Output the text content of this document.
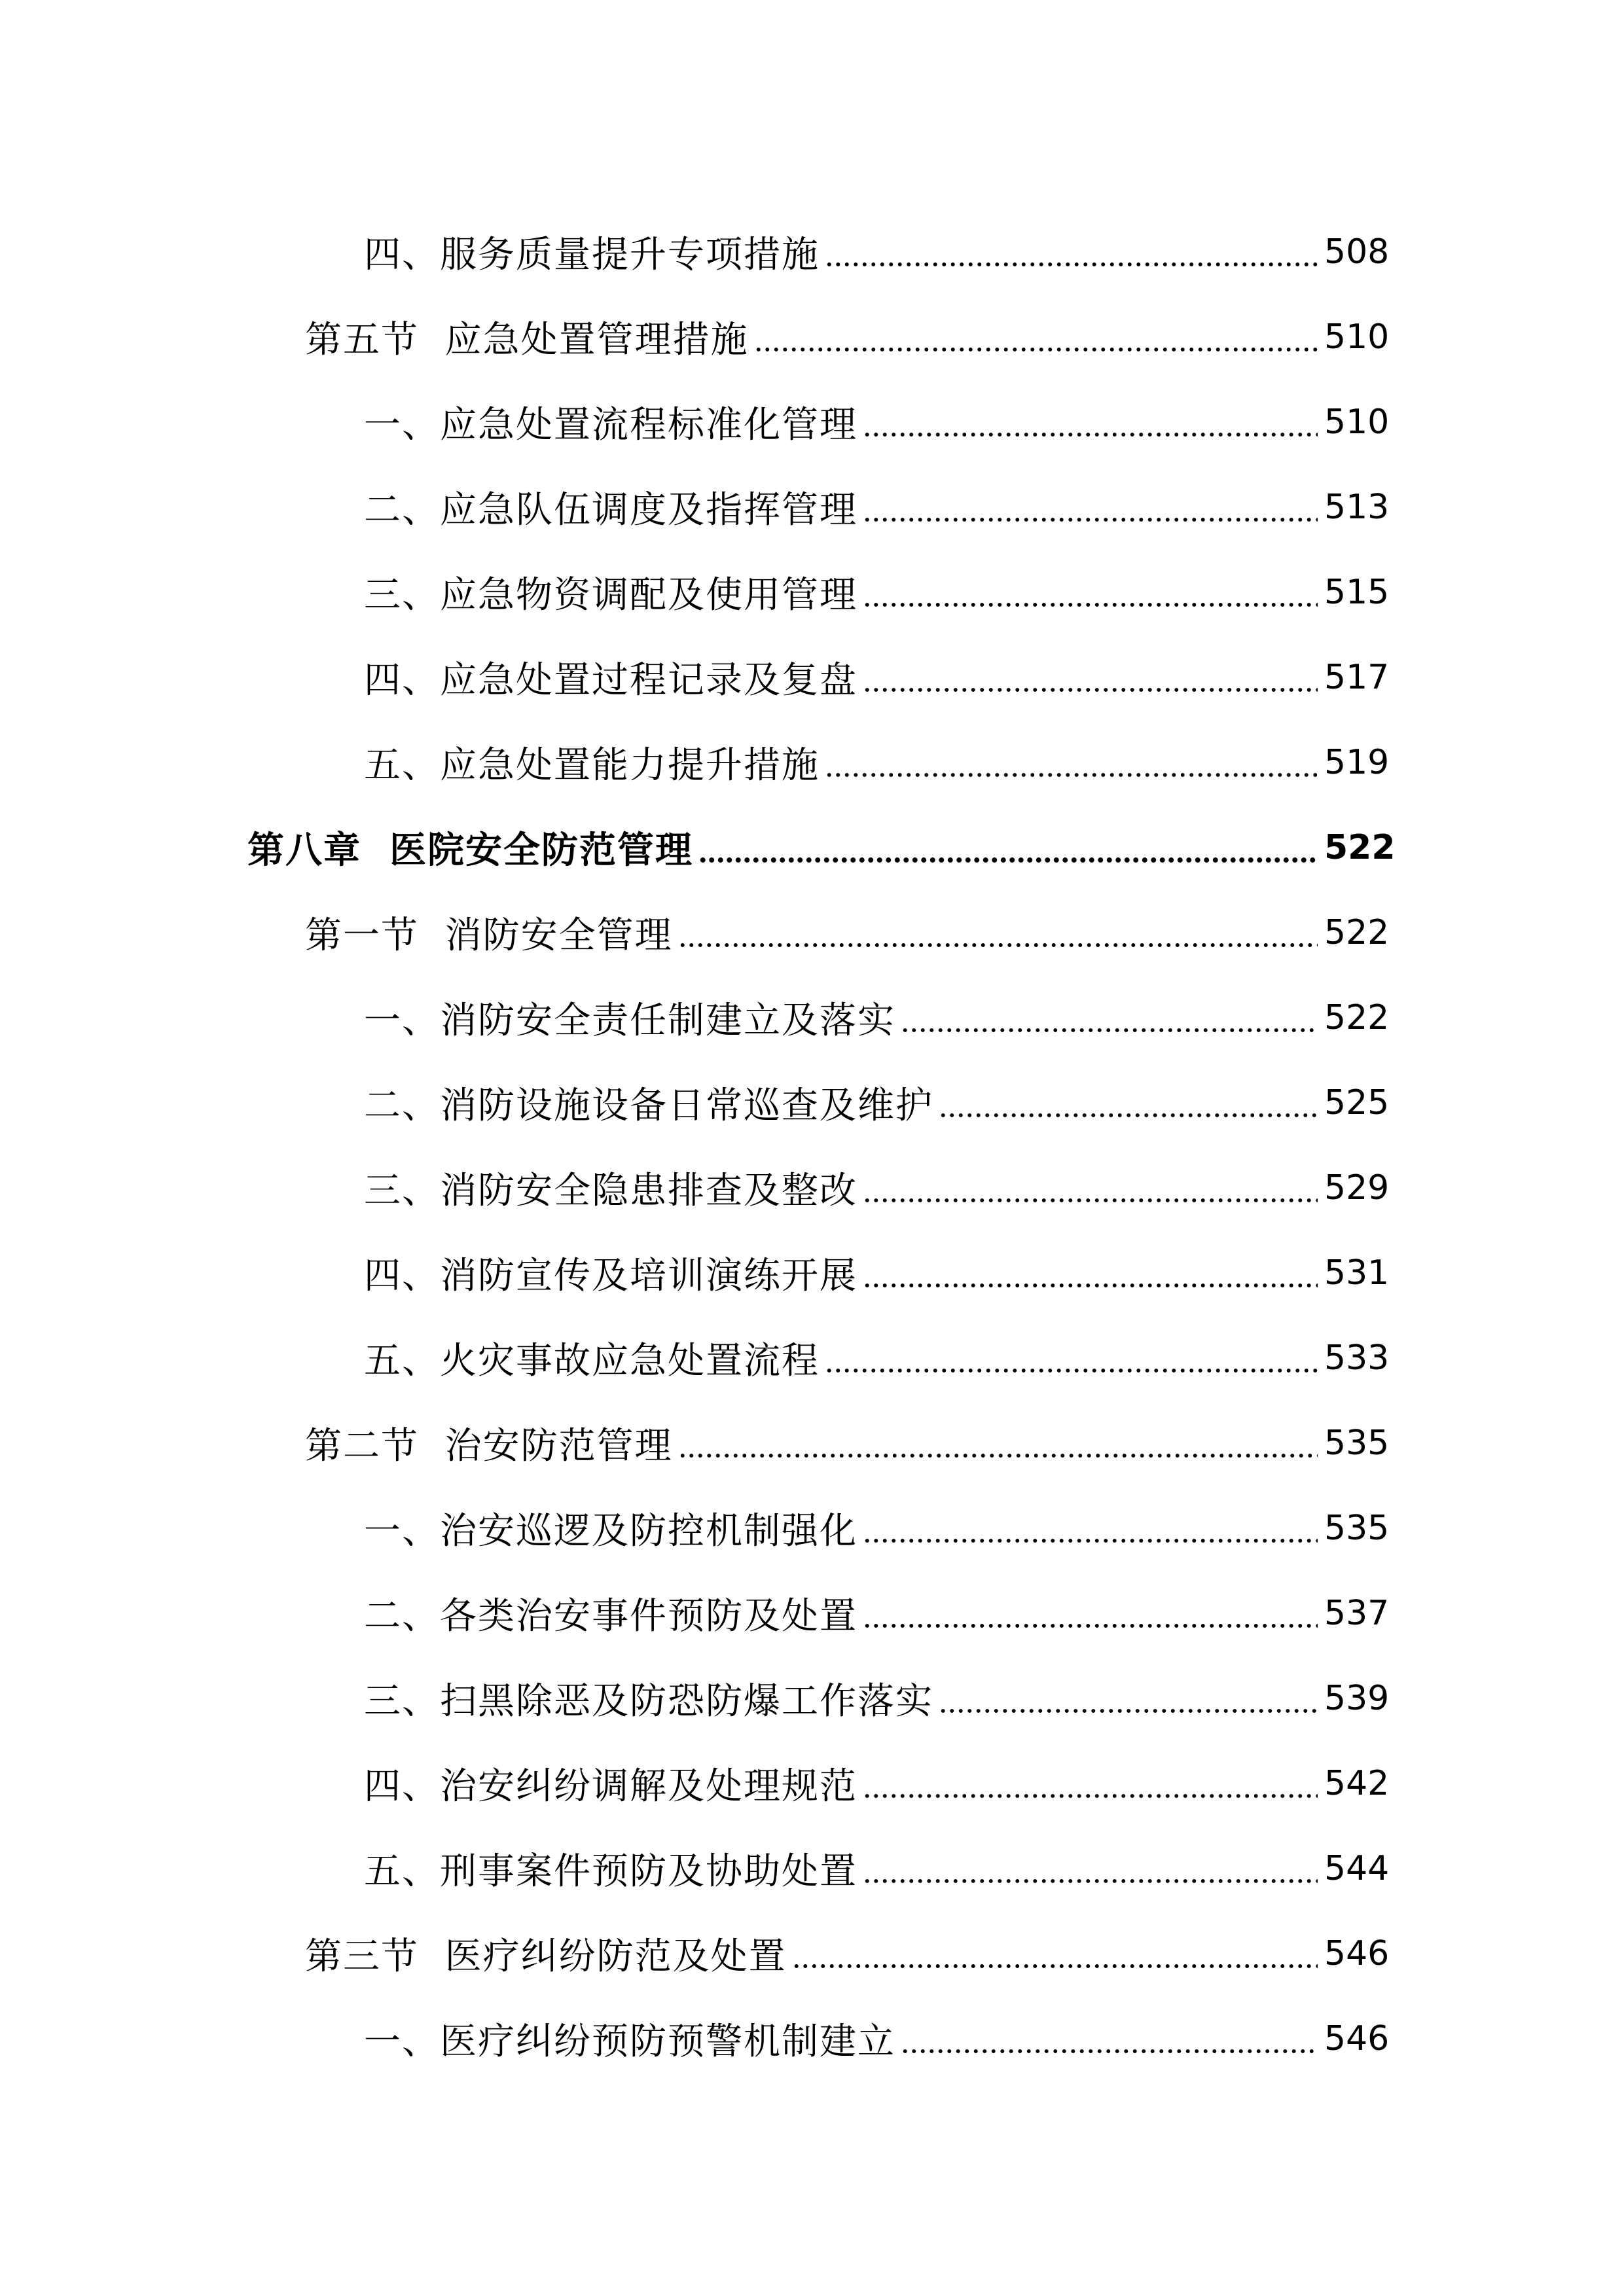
四、服务质量提升专项措施	508
第五节  应急处置管理措施	510
一、应急处置流程标准化管理	510
二、应急队伍调度及指挥管理	513
三、应急物资调配及使用管理	515
四、应急处置过程记录及复盘	517
五、应急处置能力提升措施	519
第八章  医院安全防范管理	522
第一节  消防安全管理	522
一、消防安全责任制建立及落实	522
二、消防设施设备日常巡查及维护	525
三、消防安全隐患排查及整改	529
四、消防宣传及培训演练开展	531
五、火灾事故应急处置流程	533
第二节  治安防范管理	535
一、治安巡逻及防控机制强化	535
二、各类治安事件预防及处置	537
三、扫黑除恶及防恐防爆工作落实	539
四、治安纠纷调解及处理规范	542
五、刑事案件预防及协助处置	544
第三节  医疗纠纷防范及处置	546
一、医疗纠纷预防预警机制建立	546
